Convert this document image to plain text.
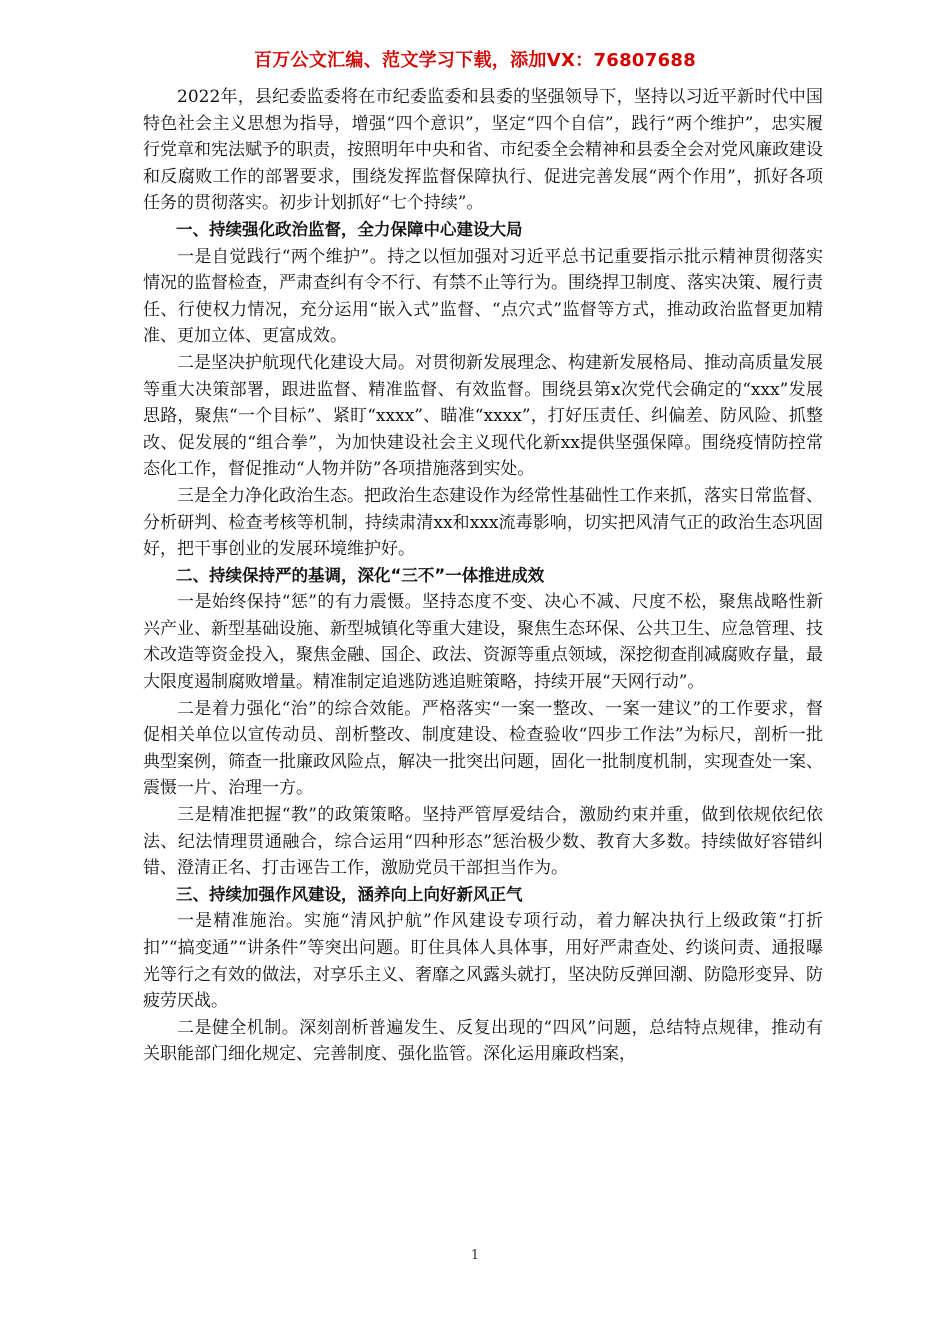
百万公文汇编、范文学习下载，添加VX：76807688

2022年，县纪委监委将在市纪委监委和县委的坚强领导下，坚持以习近平新时代中国特色社会主义思想为指导，增强“四个意识”，坚定“四个自信”，践行“两个维护”，忠实履行党章和宪法赋予的职责，按照明年中央和省、市纪委全会精神和县委全会对党风廉政建设和反腐败工作的部署要求，围绕发挥监督保障执行、促进完善发展“两个作用”，抓好各项任务的贯彻落实。初步计划抓好“七个持续”。

一、持续强化政治监督，全力保障中心建设大局

一是自觉践行“两个维护”。持之以恒加强对习近平总书记重要指示批示精神贯彻落实情况的监督检查，严肃查纠有令不行、有禁不止等行为。围绕捍卫制度、落实决策、履行责任、行使权力情况，充分运用“嵌入式”监督、“点穴式”监督等方式，推动政治监督更加精准、更加立体、更富成效。

二是坚决护航现代化建设大局。对贯彻新发展理念、构建新发展格局、推动高质量发展等重大决策部署，跟进监督、精准监督、有效监督。围绕县第x次党代会确定的“xxx”发展思路，聚焦“一个目标”、紧盯“xxxx”、瞄准“xxxx”，打好压责任、纠偏差、防风险、抓整改、促发展的“组合拳”，为加快建设社会主义现代化新xx提供坚强保障。围绕疫情防控常态化工作，督促推动“人物并防”各项措施落到实处。

三是全力净化政治生态。把政治生态建设作为经常性基础性工作来抓，落实日常监督、分析研判、检查考核等机制，持续肃清xx和xxx流毒影响，切实把风清气正的政治生态巩固好，把干事创业的发展环境维护好。

二、持续保持严的基调，深化“三不”一体推进成效

一是始终保持“惩”的有力震慑。坚持态度不变、决心不减、尺度不松，聚焦战略性新兴产业、新型基础设施、新型城镇化等重大建设，聚焦生态环保、公共卫生、应急管理、技术改造等资金投入，聚焦金融、国企、政法、资源等重点领域，深挖彻查削减腐败存量，最大限度遏制腐败增量。精准制定追逃防逃追赃策略，持续开展“天网行动”。

二是着力强化“治”的综合效能。严格落实“一案一整改、一案一建议”的工作要求，督促相关单位以宣传动员、剖析整改、制度建设、检查验收“四步工作法”为标尺，剖析一批典型案例，筛查一批廉政风险点，解决一批突出问题，固化一批制度机制，实现查处一案、震慑一片、治理一方。

三是精准把握“教”的政策策略。坚持严管厚爱结合，激励约束并重，做到依规依纪依法、纪法情理贯通融合，综合运用“四种形态”惩治极少数、教育大多数。持续做好容错纠错、澄清正名、打击诬告工作，激励党员干部担当作为。

三、持续加强作风建设，涵养向上向好新风正气

一是精准施治。实施“清风护航”作风建设专项行动，着力解决执行上级政策“打折扣”“搞变通”“讲条件”等突出问题。盯住具体人具体事，用好严肃查处、约谈问责、通报曝光等行之有效的做法，对享乐主义、奢靡之风露头就打，坚决防反弹回潮、防隐形变异、防疲劳厌战。

二是健全机制。深刻剖析普遍发生、反复出现的“四风”问题，总结特点规律，推动有关职能部门细化规定、完善制度、强化监管。深化运用廉政档案，

1
